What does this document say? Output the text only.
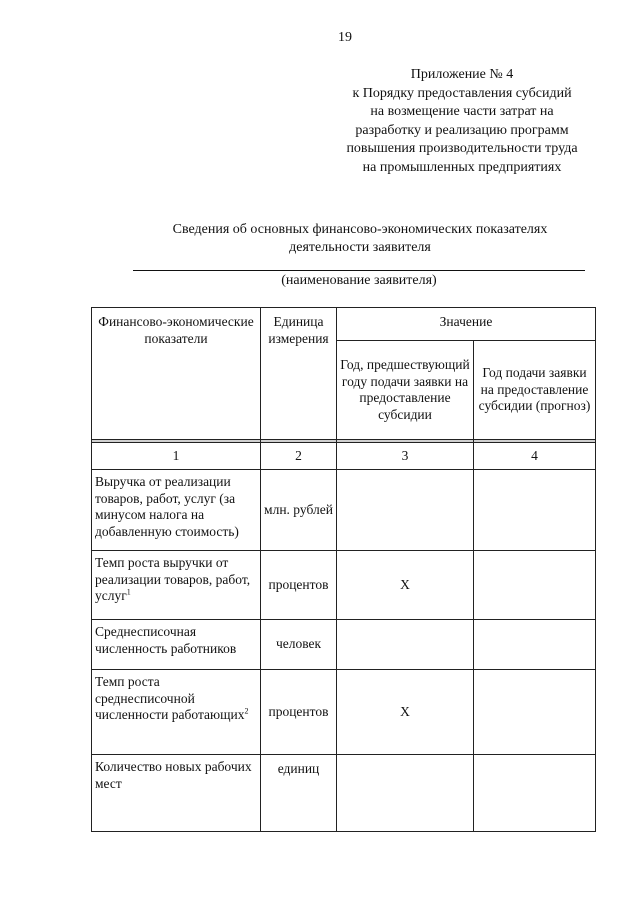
19
Приложение № 4
к Порядку предоставления субсидий
на возмещение части затрат на
разработку и реализацию программ
повышения производительности труда
на промышленных предприятиях
Сведения об основных финансово-экономических показателях
деятельности заявителя
(наименование заявителя)
Финансово-экономические показатели	Единица измерения	Значение	
		Год, предшествующий году подачи заявки на предоставление субсидии	Год подачи заявки на предоставление субсидии (прогноз)

1	2	3	4
Выручка от реализации товаров, работ, услуг (за минусом налога на добавленную стоимость)	млн. рублей		
Темп роста выручки от реализации товаров, работ, услуг$^1$	процентов	Х	
Среднесписочная численность работников	человек		
Темп роста среднесписочной численности работающих$^2$	процентов	Х	
Количество новых рабочих мест	единиц		
